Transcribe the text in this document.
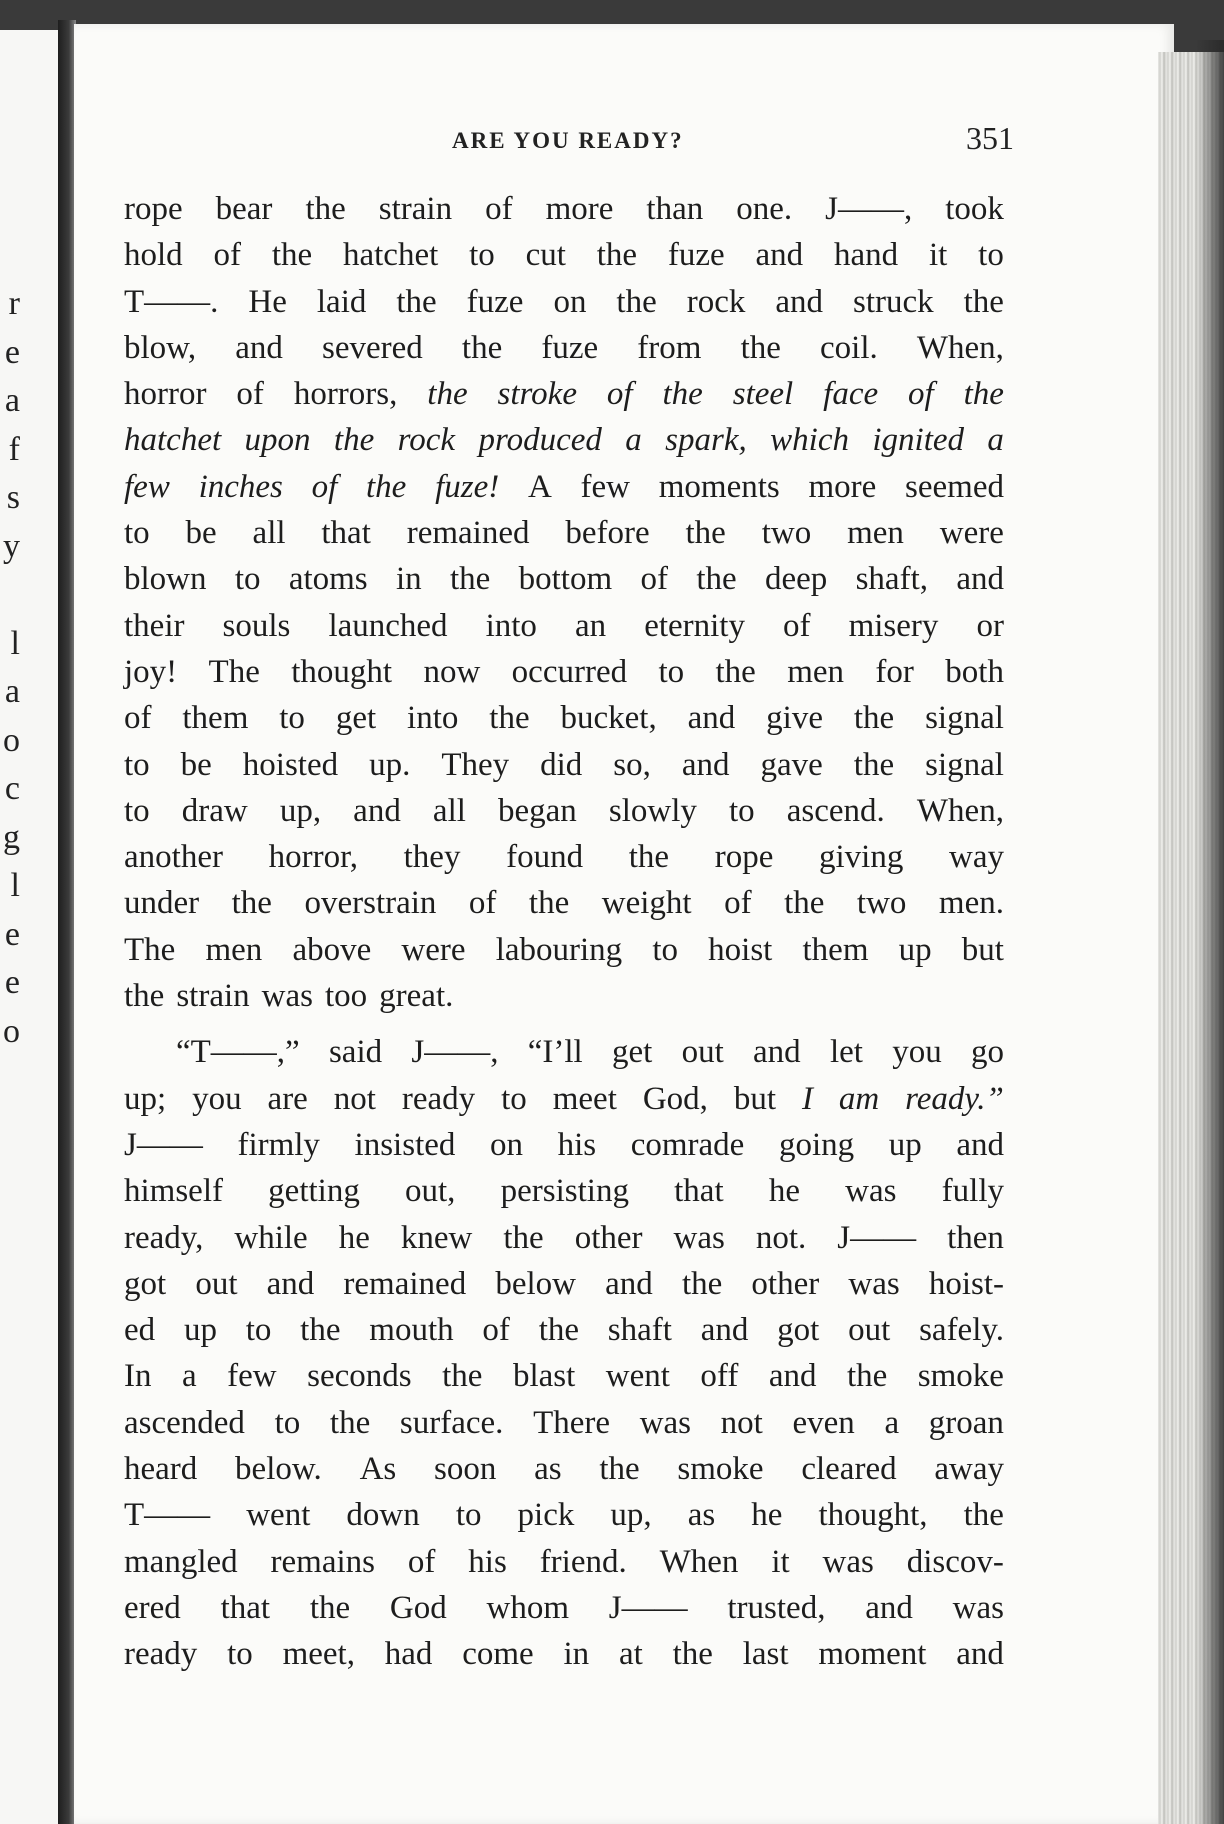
r
e
a
f
s
y
l
a
o
c
g
l
e
e
o
ARE YOU READY?	351
rope bear the strain of more than one. J——, took
hold of the hatchet to cut the fuze and hand it to
T——. He laid the fuze on the rock and struck the
blow, and severed the fuze from the coil. When,
horror of horrors, the stroke of the steel face of the
hatchet upon the rock produced a spark, which ignited a
few inches of the fuze! A few moments more seemed
to be all that remained before the two men were
blown to atoms in the bottom of the deep shaft, and
their souls launched into an eternity of misery or
joy! The thought now occurred to the men for both
of them to get into the bucket, and give the signal
to be hoisted up. They did so, and gave the signal
to draw up, and all began slowly to ascend. When,
another horror, they found the rope giving way
under the overstrain of the weight of the two men.
The men above were labouring to hoist them up but
the strain was too great.
“T——,” said J——, “I’ll get out and let you go
up; you are not ready to meet God, but I am ready.”
J—— firmly insisted on his comrade going up and
himself getting out, persisting that he was fully
ready, while he knew the other was not. J—— then
got out and remained below and the other was hoist-
ed up to the mouth of the shaft and got out safely.
In a few seconds the blast went off and the smoke
ascended to the surface. There was not even a groan
heard below. As soon as the smoke cleared away
T—— went down to pick up, as he thought, the
mangled remains of his friend. When it was discov-
ered that the God whom J—— trusted, and was
ready to meet, had come in at the last moment and
